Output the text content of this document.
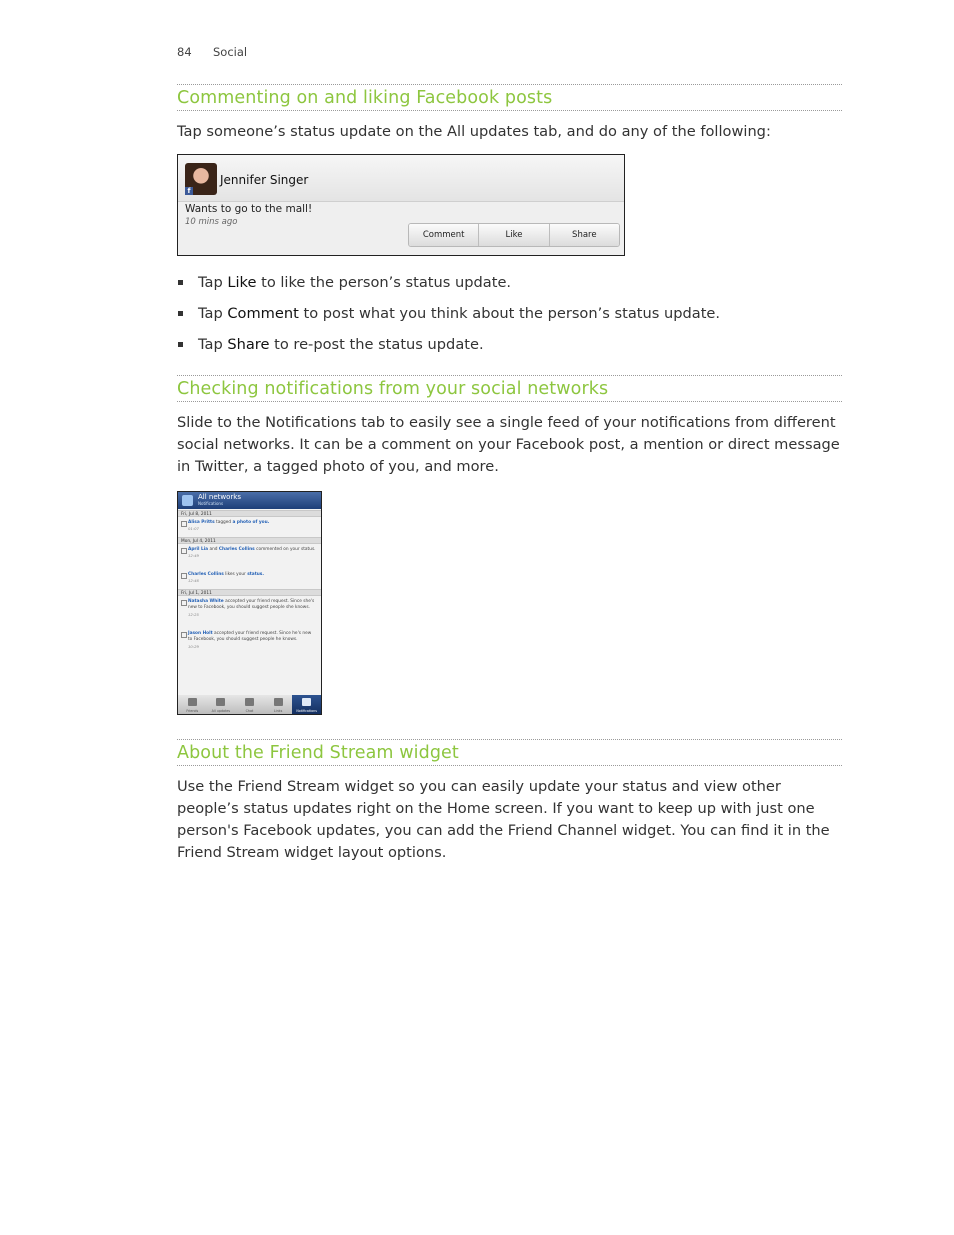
84 Social
Commenting on and liking Facebook posts

Tap someone’s status update on the All updates tab, and do any of the following:

f
Jennifer Singer
Wants to go to the mall!
10 mins ago
Comment	Like	Share
Tap Like to like the person’s status update.
Tap Comment to post what you think about the person’s status update.
Tap Share to re-post the status update.
Checking notifications from your social networks

Slide to the Notifications tab to easily see a single feed of your notifications from different social networks. It can be a comment on your Facebook post, a mention or direct message in Twitter, a tagged photo of you, and more.

All networks
Notifications
Fri, Jul 8, 2011
Alisa Pritts tagged a photo of you.
01:07
Mon, Jul 4, 2011
April Lia and Charles Collins commented on your status.
12:49
Charles Collins likes your status.
12:46
Fri, Jul 1, 2011
Natasha White accepted your friend request. Since she's new to Facebook, you should suggest people she knows.
12:25
Jason Holt accepted your friend request. Since he's new to Facebook, you should suggest people he knows.
10:29
Friends	All updates	Chat	Links	Notifications
About the Friend Stream widget

Use the Friend Stream widget so you can easily update your status and view other people’s status updates right on the Home screen. If you want to keep up with just one person's Facebook updates, you can add the Friend Channel widget. You can find it in the Friend Stream widget layout options.
